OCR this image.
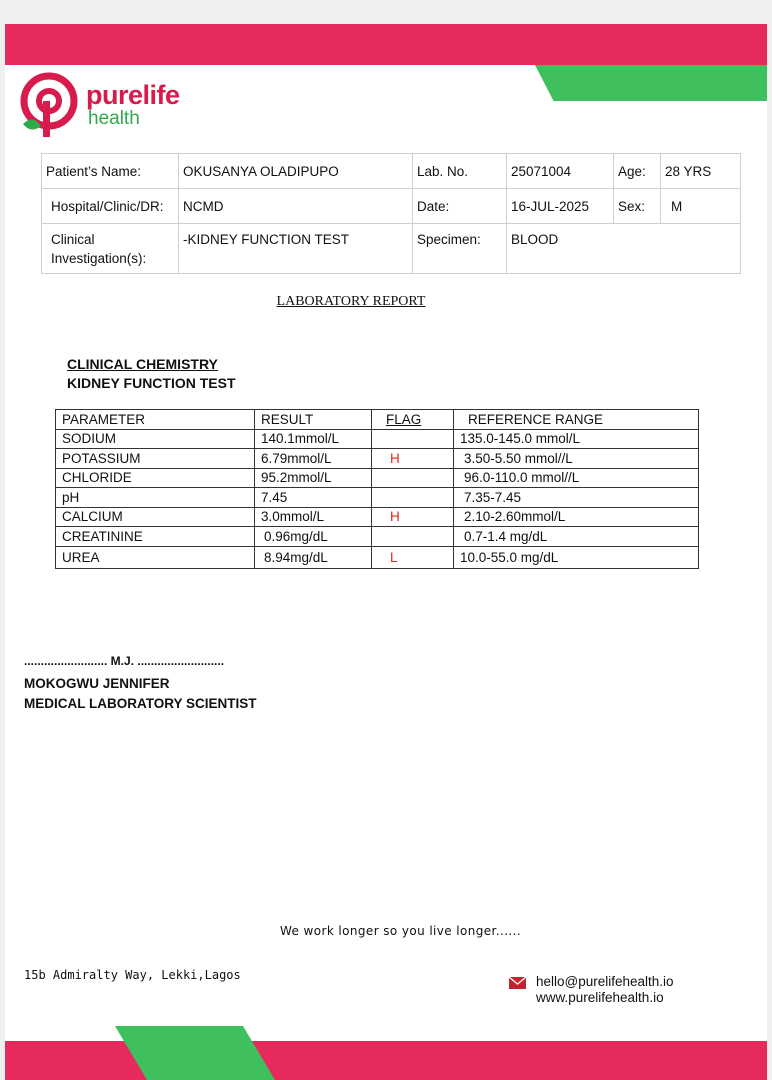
purelife
health
Patient’s Name:	OKUSANYA OLADIPUPO	Lab. No.	25071004	Age:	28 YRS
Hospital/Clinic/DR:	NCMD	Date:	16-JUL-2025	Sex:	M
Clinical
Investigation(s):	-KIDNEY FUNCTION TEST	Specimen:	BLOOD		
LABORATORY REPORT
CLINICAL CHEMISTRY
KIDNEY FUNCTION TEST
PARAMETER	RESULT	FLAG	REFERENCE RANGE
SODIUM	140.1mmol/L		135.0-145.0 mmol/L
POTASSIUM	6.79mmol/L	H	3.50-5.50 mmol//L
CHLORIDE	95.2mmol/L		96.0-110.0 mmol//L
pH	7.45		7.35-7.45
CALCIUM	3.0mmol/L	H	2.10-2.60mmol/L
CREATININE	0.96mg/dL		0.7-1.4 mg/dL
UREA	8.94mg/dL	L	10.0-55.0 mg/dL
......................... M.J. ..........................
MOKOGWU JENNIFER
MEDICAL LABORATORY SCIENTIST
We work longer so you live longer......
15b Admiralty Way, Lekki,Lagos	hello@purelifehealth.io
www.purelifehealth.io
